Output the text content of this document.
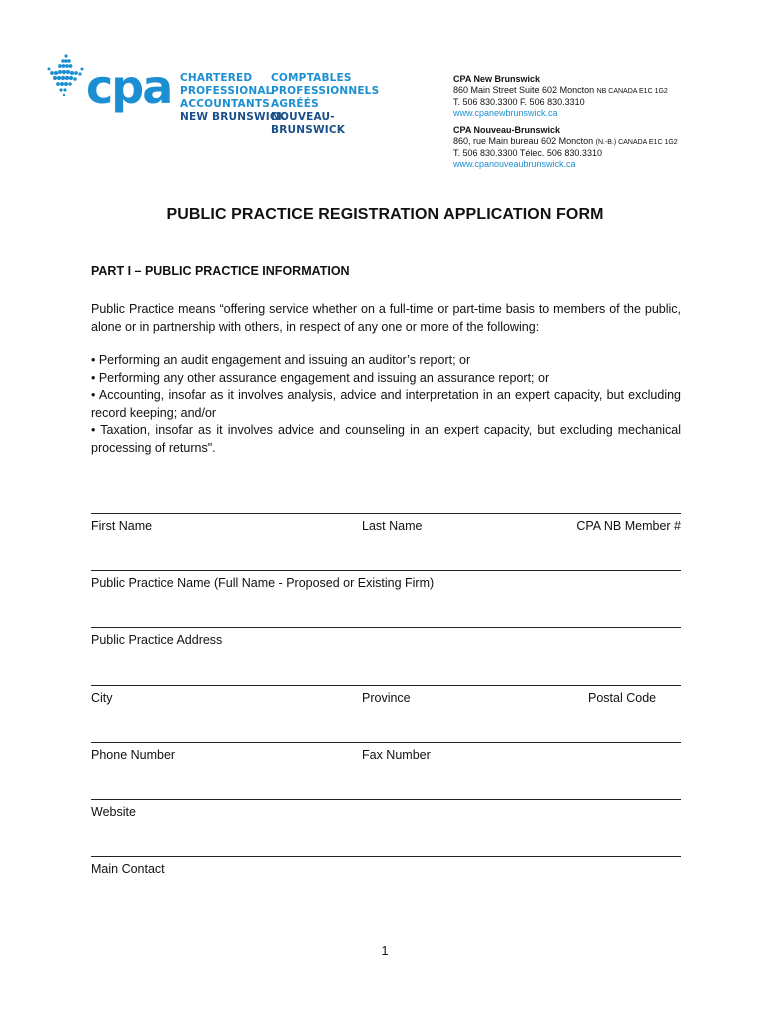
cpa CHARTERED
PROFESSIONAL
ACCOUNTANTS
NEW BRUNSWICK
COMPTABLES
PROFESSIONNELS
AGRÉÉS
NOUVEAU-BRUNSWICK
CPA New Brunswick
860 Main Street Suite 602 Moncton NB CANADA E1C 1G2
T. 506 830.3300 F. 506 830.3310
www.cpanewbrunswick.ca
CPA Nouveau-Brunswick
860, rue Main bureau 602 Moncton (N.-B.) CANADA E1C 1G2
T. 506 830.3300 Télec. 506 830.3310
www.cpanouveaubrunswick.ca
PUBLIC PRACTICE REGISTRATION APPLICATION FORM
PART I – PUBLIC PRACTICE INFORMATION
Public Practice means “offering service whether on a full-time or part-time basis to members of the public, alone or in partnership with others, in respect of any one or more of the following:
• Performing an audit engagement and issuing an auditor’s report; or
• Performing any other assurance engagement and issuing an assurance report; or
• Accounting, insofar as it involves analysis, advice and interpretation in an expert capacity, but excluding record keeping; and/or
• Taxation, insofar as it involves advice and counseling in an expert capacity, but excluding mechanical processing of returns".
First Name	Last Name	CPA NB Member #
Public Practice Name (Full Name - Proposed or Existing Firm)
Public Practice Address
City	Province	Postal Code
Phone Number	Fax Number
Website
Main Contact
1
